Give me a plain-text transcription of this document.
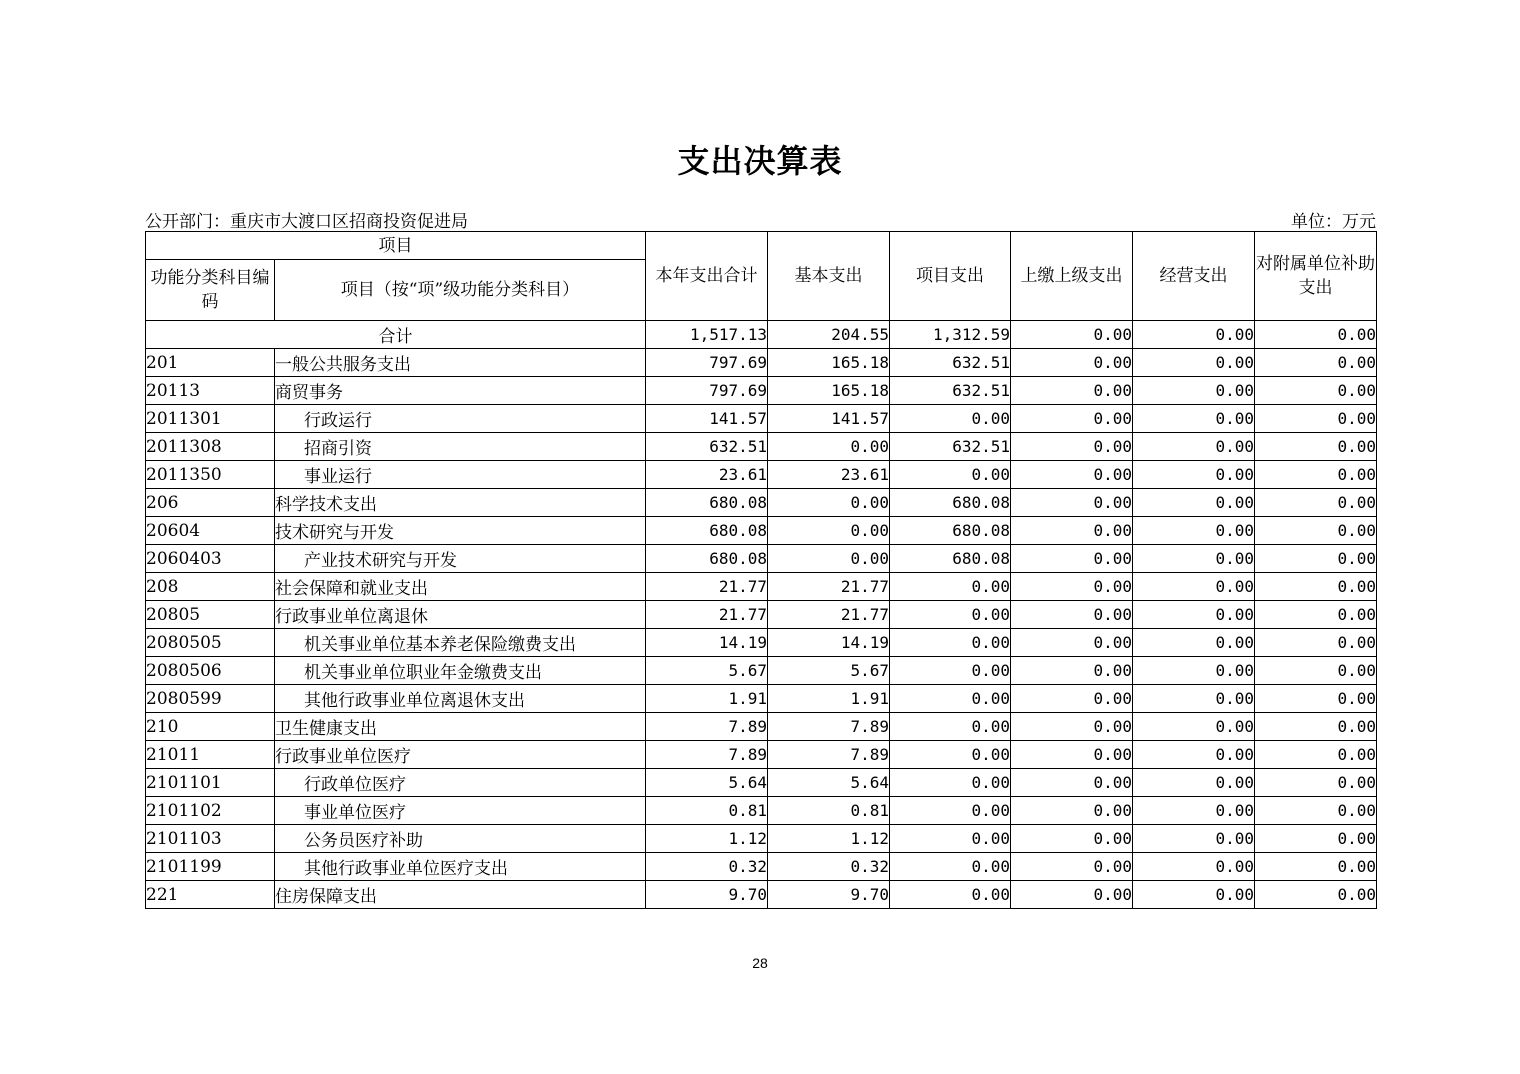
支出决算表
公开部门：重庆市大渡口区招商投资促进局	单位：万元
项目		本年支出合计	基本支出	项目支出	上缴上级支出	经营支出	对附属单位补助支出
功能分类科目编码	项目（按“项”级功能分类科目）						
合计		1,517.13	204.55	1,312.59	0.00	0.00	0.00
201	一般公共服务支出	797.69	165.18	632.51	0.00	0.00	0.00
20113	商贸事务	797.69	165.18	632.51	0.00	0.00	0.00
2011301	行政运行	141.57	141.57	0.00	0.00	0.00	0.00
2011308	招商引资	632.51	0.00	632.51	0.00	0.00	0.00
2011350	事业运行	23.61	23.61	0.00	0.00	0.00	0.00
206	科学技术支出	680.08	0.00	680.08	0.00	0.00	0.00
20604	技术研究与开发	680.08	0.00	680.08	0.00	0.00	0.00
2060403	产业技术研究与开发	680.08	0.00	680.08	0.00	0.00	0.00
208	社会保障和就业支出	21.77	21.77	0.00	0.00	0.00	0.00
20805	行政事业单位离退休	21.77	21.77	0.00	0.00	0.00	0.00
2080505	机关事业单位基本养老保险缴费支出	14.19	14.19	0.00	0.00	0.00	0.00
2080506	机关事业单位职业年金缴费支出	5.67	5.67	0.00	0.00	0.00	0.00
2080599	其他行政事业单位离退休支出	1.91	1.91	0.00	0.00	0.00	0.00
210	卫生健康支出	7.89	7.89	0.00	0.00	0.00	0.00
21011	行政事业单位医疗	7.89	7.89	0.00	0.00	0.00	0.00
2101101	行政单位医疗	5.64	5.64	0.00	0.00	0.00	0.00
2101102	事业单位医疗	0.81	0.81	0.00	0.00	0.00	0.00
2101103	公务员医疗补助	1.12	1.12	0.00	0.00	0.00	0.00
2101199	其他行政事业单位医疗支出	0.32	0.32	0.00	0.00	0.00	0.00
221	住房保障支出	9.70	9.70	0.00	0.00	0.00	0.00
28
